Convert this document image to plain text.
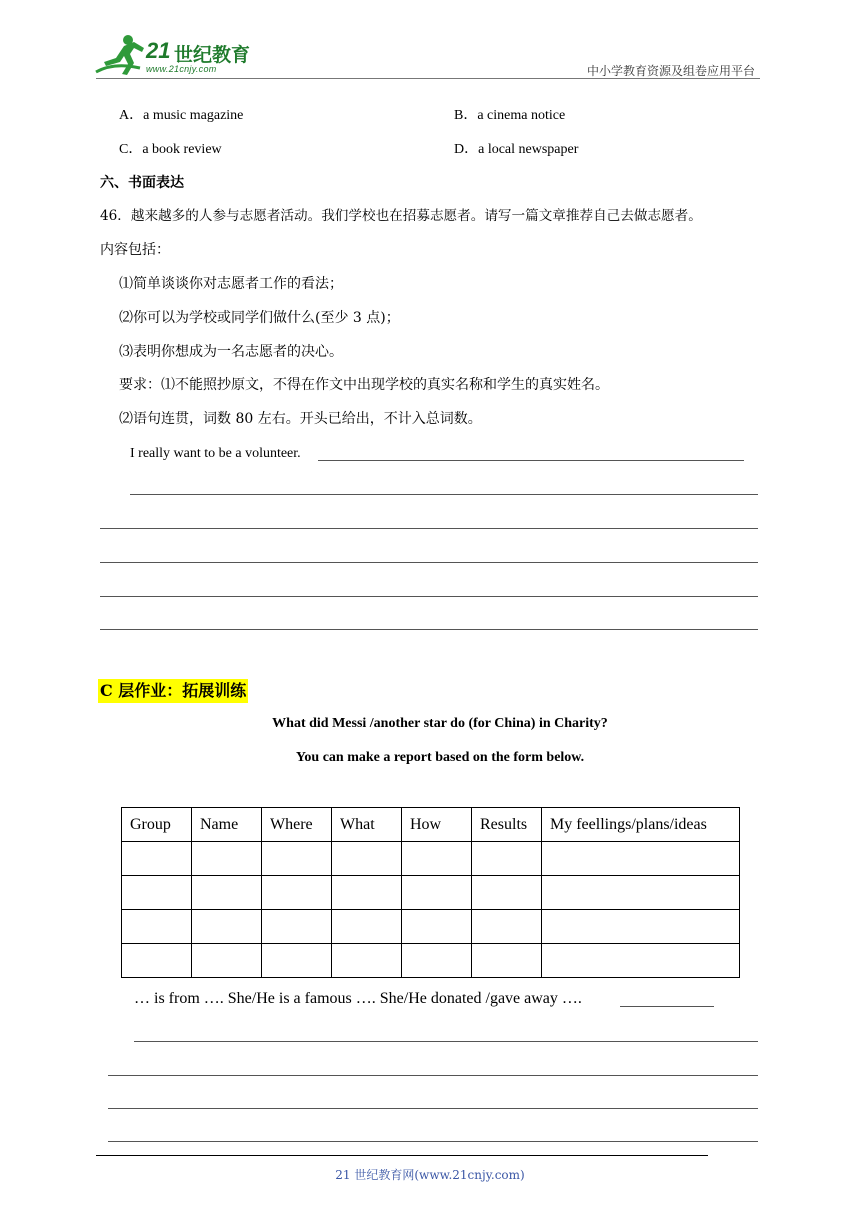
21 世纪教育
www.21cnjy.com	中小学教育资源及组卷应用平台
A．a music magazine	B．a cinema notice
C．a book review	D．a local newspaper
六、书面表达
46．越来越多的人参与志愿者活动。我们学校也在招募志愿者。请写一篇文章推荐自己去做志愿者。
内容包括：
⑴简单谈谈你对志愿者工作的看法；
⑵你可以为学校或同学们做什么(至少 3 点)；
⑶表明你想成为一名志愿者的决心。
要求：⑴不能照抄原文，不得在作文中出现学校的真实名称和学生的真实姓名。
⑵语句连贯，词数 80 左右。开头已给出，不计入总词数。
I really want to be a volunteer.
C 层作业：拓展训练
What did Messi /another star do (for China) in Charity?
You can make a report based on the form below.
Group	Name	Where	What	How	Results	My feellings/plans/ideas

… is from …. She/He is a famous …. She/He donated /gave away ….
21 世纪教育网(www.21cnjy.com)
